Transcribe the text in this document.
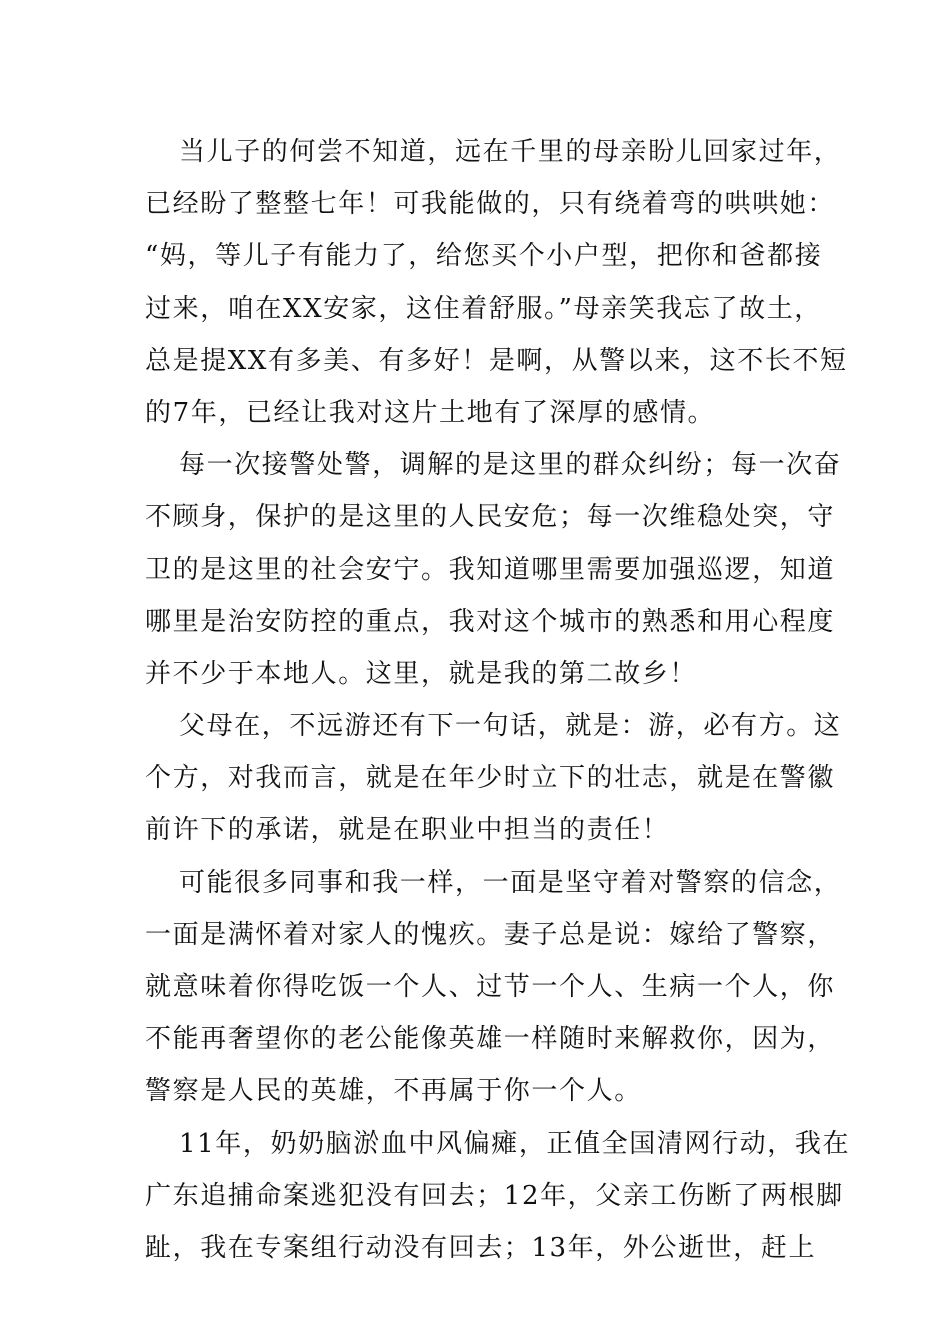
当儿子的何尝不知道，远在千里的母亲盼儿回家过年，
已经盼了整整七年！可我能做的，只有绕着弯的哄哄她：
“妈，等儿子有能力了，给您买个小户型，把你和爸都接
过来，咱在XX安家，这住着舒服。”母亲笑我忘了故土，
总是提XX有多美、有多好！是啊，从警以来，这不长不短
的7年，已经让我对这片土地有了深厚的感情。
每一次接警处警，调解的是这里的群众纠纷；每一次奋
不顾身，保护的是这里的人民安危；每一次维稳处突，守
卫的是这里的社会安宁。我知道哪里需要加强巡逻，知道
哪里是治安防控的重点，我对这个城市的熟悉和用心程度
并不少于本地人。这里，就是我的第二故乡！
父母在，不远游还有下一句话，就是：游，必有方。这
个方，对我而言，就是在年少时立下的壮志，就是在警徽
前许下的承诺，就是在职业中担当的责任！
可能很多同事和我一样，一面是坚守着对警察的信念，
一面是满怀着对家人的愧疚。妻子总是说：嫁给了警察，
就意味着你得吃饭一个人、过节一个人、生病一个人，你
不能再奢望你的老公能像英雄一样随时来解救你，因为，
警察是人民的英雄，不再属于你一个人。
11年，奶奶脑淤血中风偏瘫，正值全国清网行动，我在
广东追捕命案逃犯没有回去；12年，父亲工伤断了两根脚
趾，我在专案组行动没有回去；13年，外公逝世，赶上
